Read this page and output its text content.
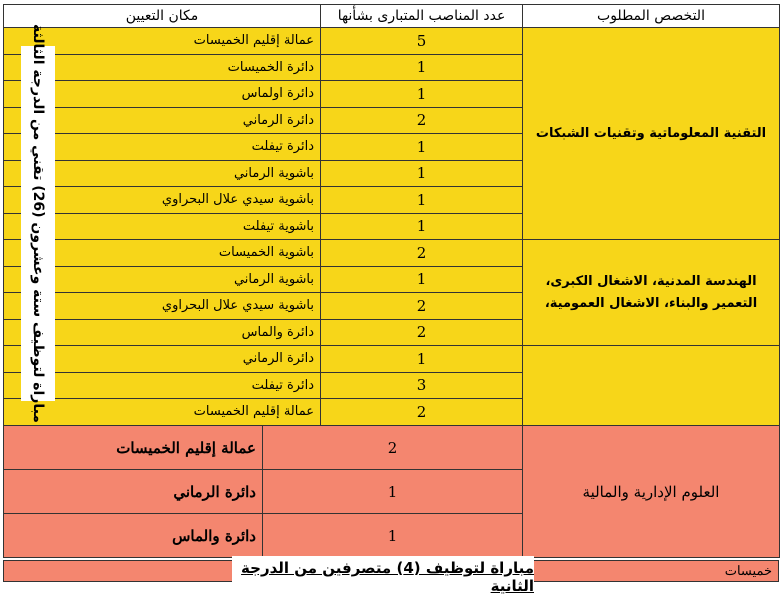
التخصص المطلوب	عدد المناصب المتبارى بشأنها	مكان التعيين
التقنية المعلوماتية وتقنيات الشبكات	5	عمالة إقليم الخميسات
	1	دائرة الخميسات
	1	دائرة اولماس
	2	دائرة الرماني
	1	دائرة تيفلت
	1	باشوية الرماني
	1	باشوية سيدي علال البحراوي
	1	باشوية تيفلت
الهندسة المدنية، الاشغال الكبرى، التعمير والبناء، الاشغال العمومية،	2	باشوية الخميسات
	1	باشوية الرماني
	2	باشوية سيدي علال البحراوي
	2	دائرة والماس
	1	دائرة الرماني
	3	دائرة تيفلت
	2	عمالة إقليم الخميسات
مباراة لتوظيف ستة وعشرون (26) تقني من الدرجة الثالثة
العلوم الإدارية والمالية	2	عمالة إقليم الخميسات
	1	دائرة الرماني
	1	دائرة والماس
خميسات
مباراة لتوظيف (4) متصرفين من الدرجة الثانية
